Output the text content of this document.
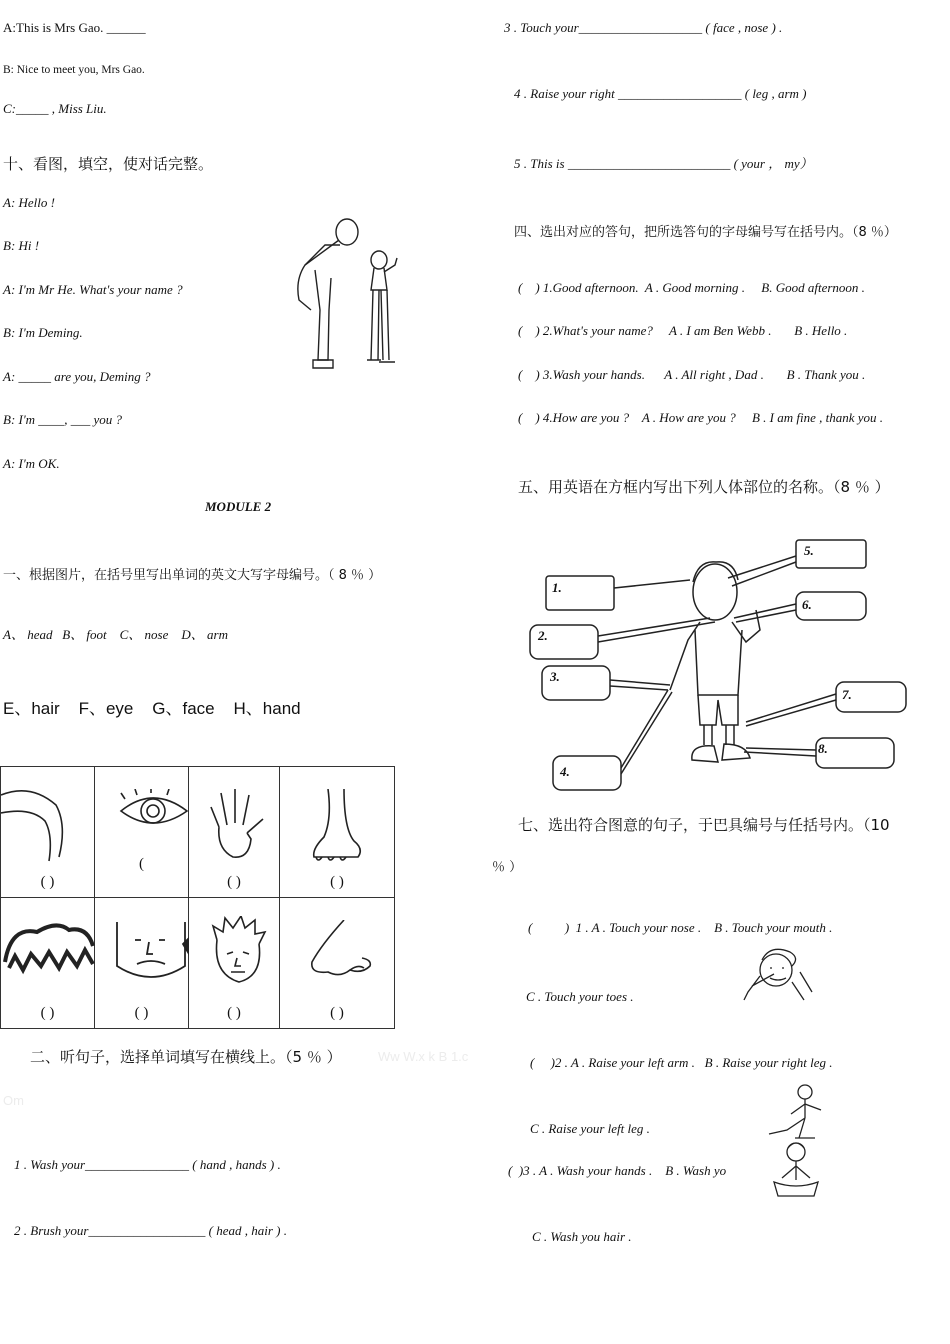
A:This is Mrs Gao. ______
B: Nice to meet you, Mrs Gao.
C:_____ , Miss Liu.
十、看图，填空，使对话完整。
A: Hello !
B: Hi !
A: I'm Mr He. What's your name ?
B: I'm Deming.
A: _____ are you, Deming ?
B: I'm ____, ___ you ?
A: I'm OK.
MODULE 2
一、根据图片，在括号里写出单词的英文大写字母编号。（ 8 ％ ）
A、 head   B、 foot    C、 nose    D、 arm
E、hair    F、eye    G、face    H、hand
( )	(	( )	( )

( )	( )	( )	( )
二、听句子，选择单词填写在横线上。（5 ％ ）	Ww W.x k B 1.c
Om
1 . Wash your________________ ( hand , hands ) .
2 . Brush your__________________ ( head , hair ) .
3 . Touch your___________________ ( face , nose ) .
4 . Raise your right ___________________ ( leg , arm )
5 . This is _________________________ ( your ， my）
四、选出对应的答句，把所选答句的字母编号写在括号内。（8 ％）
(    ) 1.Good afternoon.  A . Good morning .     B. Good afternoon .
(    ) 2.What's your name?     A . I am Ben Webb .       B . Hello .
(    ) 3.Wash your hands.      A . All right , Dad .       B . Thank you .
(    ) 4.How are you ?    A . How are you ?     B . I am fine , thank you .
五、用英语在方框内写出下列人体部位的名称。（8 ％ ）
1.
2.
3.
4.
5.
6.
7.
8.
七、选出符合图意的句子，于巴具编号与任括号内。（10
％ ）
(          )  1 . A . Touch your nose .    B . Touch your mouth .
C . Touch your toes .
(     )2 . A . Raise your left arm .   B . Raise your right leg .
C . Raise your left leg .
(  )3 . A . Wash your hands .    B . Wash yo
C . Wash you hair .
